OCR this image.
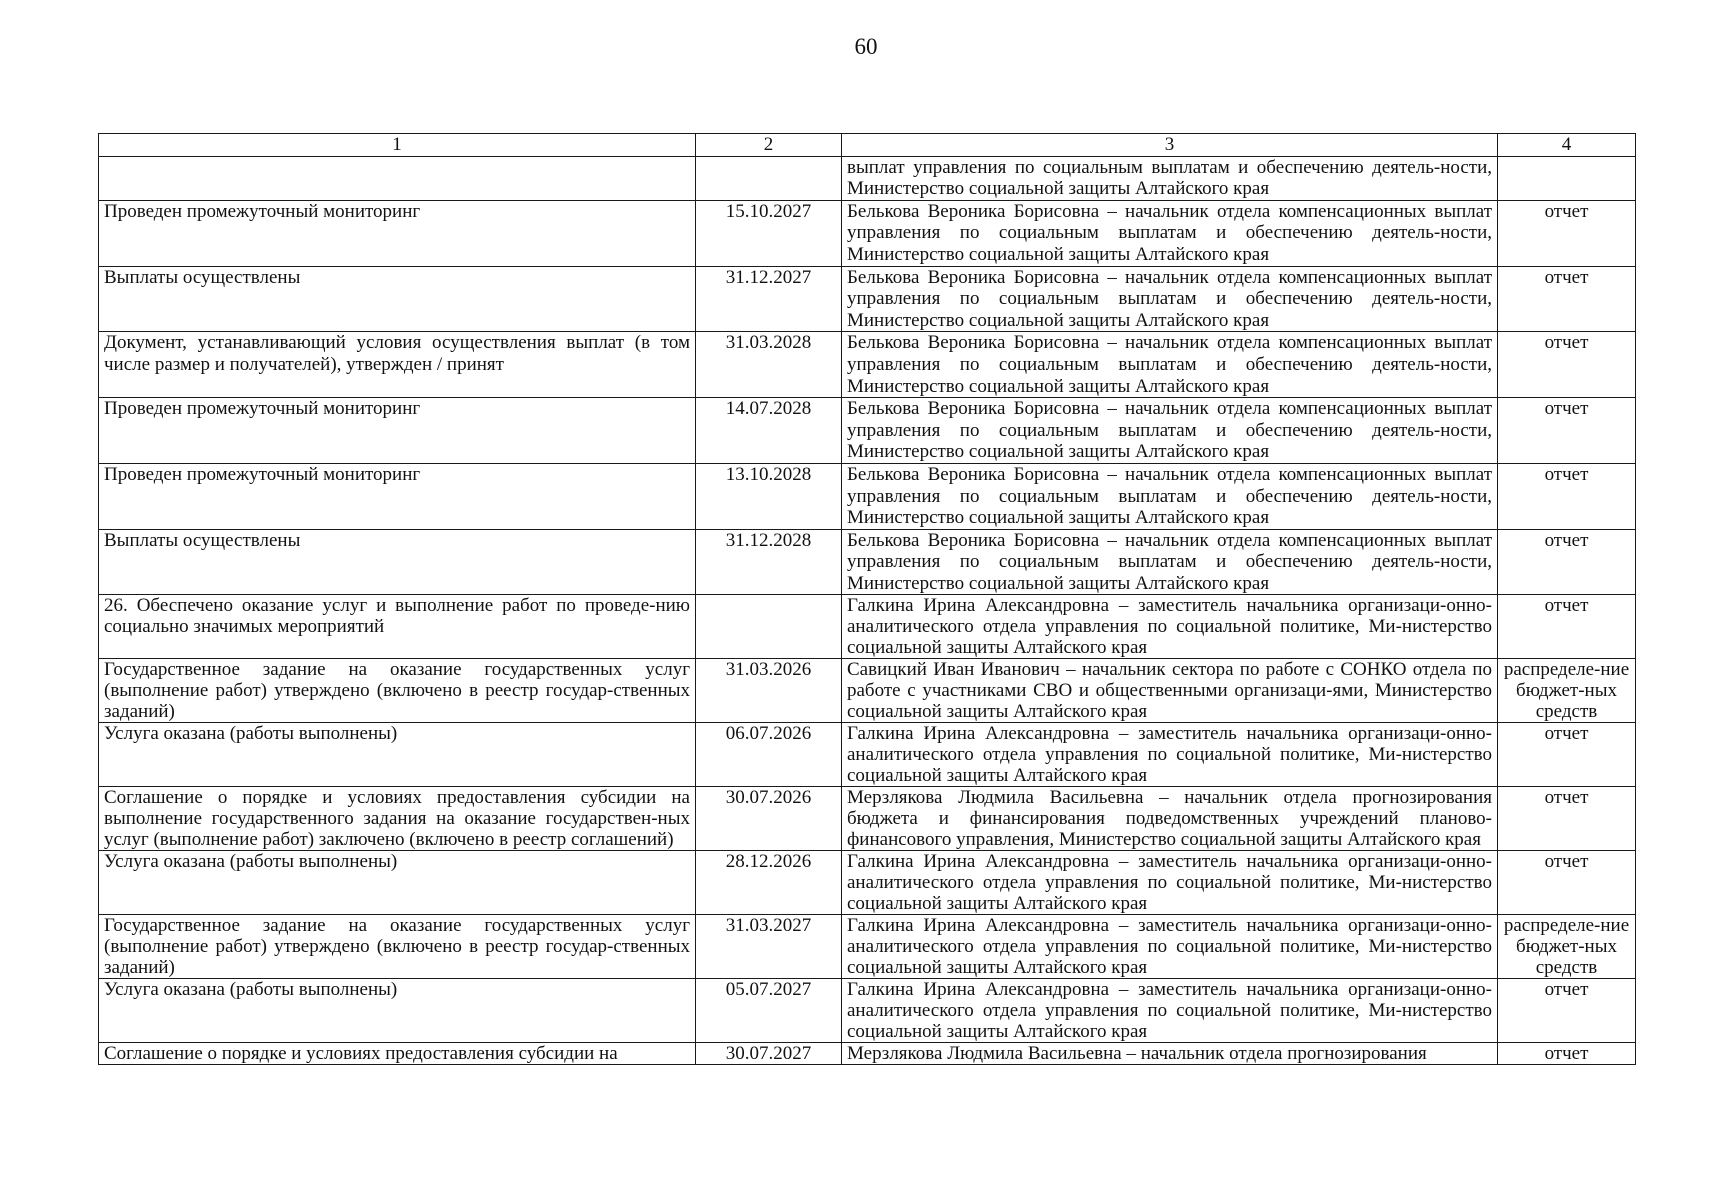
60
1	2	3	4
		выплат управления по социальным выплатам и обеспечению деятель-ности, Министерство социальной защиты Алтайского края	
Проведен промежуточный мониторинг	15.10.2027	Белькова Вероника Борисовна – начальник отдела компенсационных выплат управления по социальным выплатам и обеспечению деятель-ности, Министерство социальной защиты Алтайского края	отчет
Выплаты осуществлены	31.12.2027	Белькова Вероника Борисовна – начальник отдела компенсационных выплат управления по социальным выплатам и обеспечению деятель-ности, Министерство социальной защиты Алтайского края	отчет
Документ, устанавливающий условия осуществления выплат (в том числе размер и получателей), утвержден / принят	31.03.2028	Белькова Вероника Борисовна – начальник отдела компенсационных выплат управления по социальным выплатам и обеспечению деятель-ности, Министерство социальной защиты Алтайского края	отчет
Проведен промежуточный мониторинг	14.07.2028	Белькова Вероника Борисовна – начальник отдела компенсационных выплат управления по социальным выплатам и обеспечению деятель-ности, Министерство социальной защиты Алтайского края	отчет
Проведен промежуточный мониторинг	13.10.2028	Белькова Вероника Борисовна – начальник отдела компенсационных выплат управления по социальным выплатам и обеспечению деятель-ности, Министерство социальной защиты Алтайского края	отчет
Выплаты осуществлены	31.12.2028	Белькова Вероника Борисовна – начальник отдела компенсационных выплат управления по социальным выплатам и обеспечению деятель-ности, Министерство социальной защиты Алтайского края	отчет
26. Обеспечено оказание услуг и выполнение работ по проведе-нию социально значимых мероприятий		Галкина Ирина Александровна – заместитель начальника организаци-онно-аналитического отдела управления по социальной политике, Ми-нистерство социальной защиты Алтайского края	отчет
Государственное задание на оказание государственных услуг (выполнение работ) утверждено (включено в реестр государ-ственных заданий)	31.03.2026	Савицкий Иван Иванович – начальник сектора по работе с СОНКО отдела по работе с участниками СВО и общественными организаци-ями, Министерство социальной защиты Алтайского края	распределе-ние бюджет-ных средств
Услуга оказана (работы выполнены)	06.07.2026	Галкина Ирина Александровна – заместитель начальника организаци-онно-аналитического отдела управления по социальной политике, Ми-нистерство социальной защиты Алтайского края	отчет
Соглашение о порядке и условиях предоставления субсидии на выполнение государственного задания на оказание государствен-ных услуг (выполнение работ) заключено (включено в реестр соглашений)	30.07.2026	Мерзлякова Людмила Васильевна – начальник отдела прогнозирования бюджета и финансирования подведомственных учреждений планово-финансового управления, Министерство социальной защиты Алтайского края	отчет
Услуга оказана (работы выполнены)	28.12.2026	Галкина Ирина Александровна – заместитель начальника организаци-онно-аналитического отдела управления по социальной политике, Ми-нистерство социальной защиты Алтайского края	отчет
Государственное задание на оказание государственных услуг (выполнение работ) утверждено (включено в реестр государ-ственных заданий)	31.03.2027	Галкина Ирина Александровна – заместитель начальника организаци-онно-аналитического отдела управления по социальной политике, Ми-нистерство социальной защиты Алтайского края	распределе-ние бюджет-ных средств
Услуга оказана (работы выполнены)	05.07.2027	Галкина Ирина Александровна – заместитель начальника организаци-онно-аналитического отдела управления по социальной политике, Ми-нистерство социальной защиты Алтайского края	отчет
Соглашение о порядке и условиях предоставления субсидии на	30.07.2027	Мерзлякова Людмила Васильевна – начальник отдела прогнозирования	отчет
